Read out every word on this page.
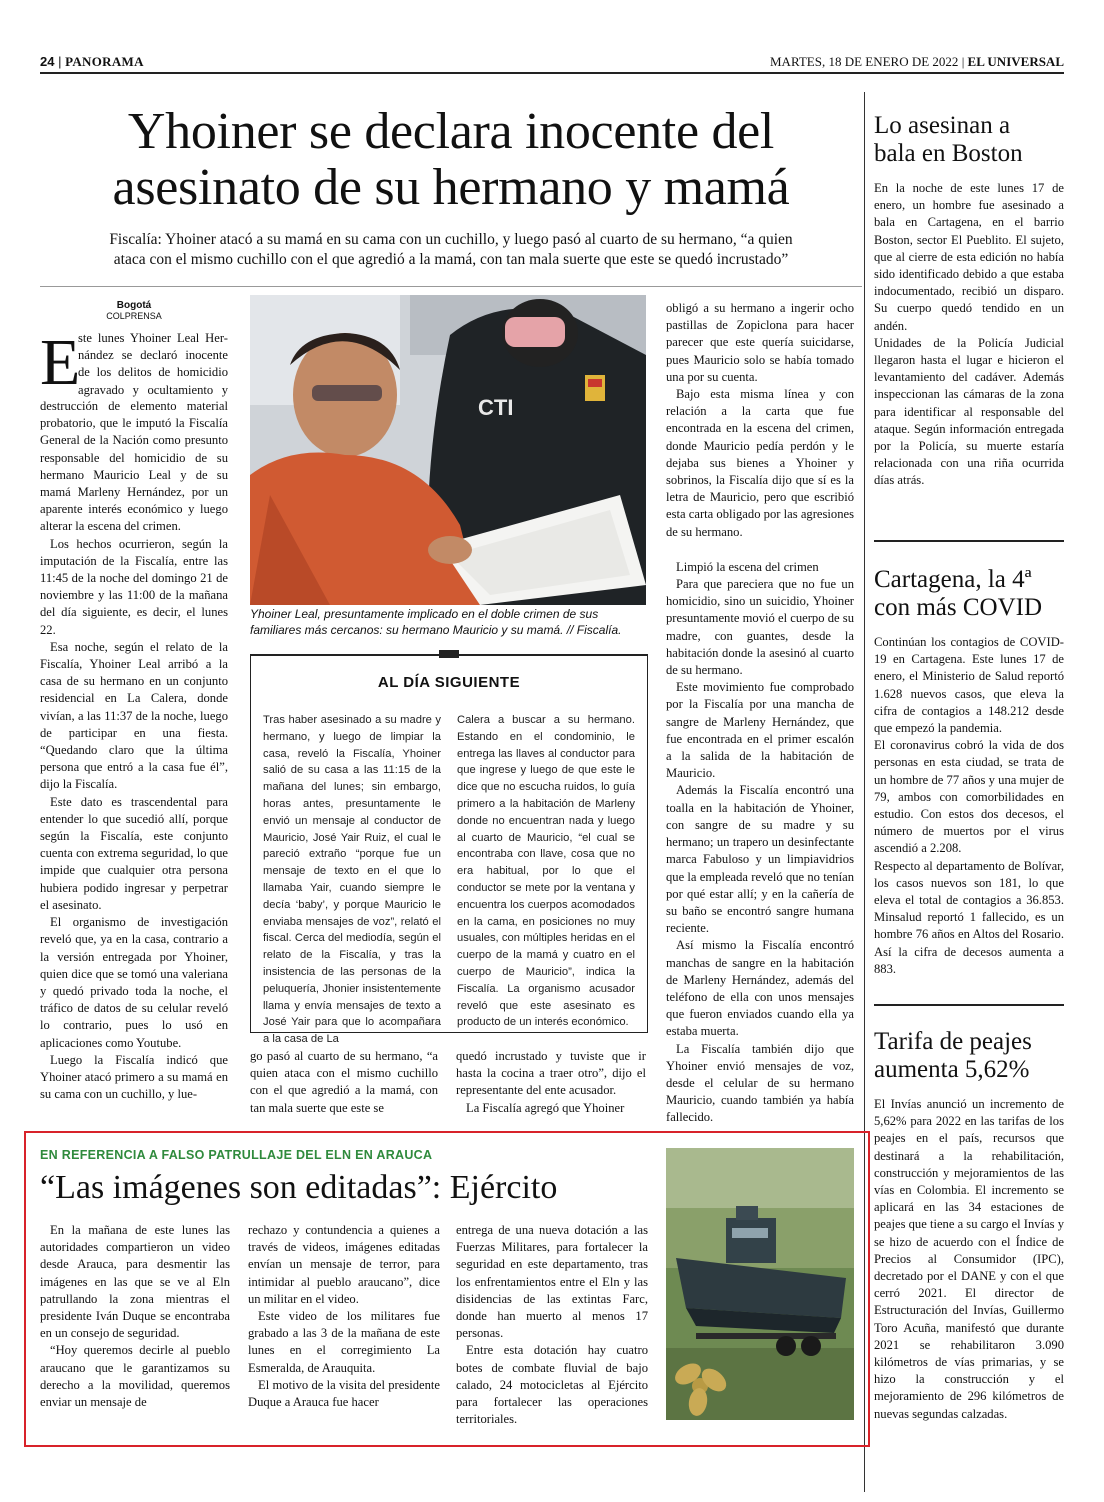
24 | PANORAMA	MARTES, 18 DE ENERO DE 2022 | EL UNIVERSAL
Yhoiner se declara inocente del
asesinato de su hermano y mamá
Fiscalía: Yhoiner atacó a su mamá en su cama con un cuchillo, y luego pasó al cuarto de su hermano, “a quien
ataca con el mismo cuchillo con el que agredió a la mamá, con tan mala suerte que este se quedó incrustado”
Bogotá
COLPRENSA
E
ste lunes Yhoiner Leal Her-
nández se declaró inocente
de los delitos de homicidio
agravado y ocultamiento y

destrucción de elemento material probatorio, que le imputó la Fiscalía General de la Nación como presunto responsable del homicidio de su hermano Mauricio Leal y de su mamá Marleny Hernández, por un aparente interés económico y luego alterar la escena del crimen.

Los hechos ocurrieron, según la imputación de la Fiscalía, entre las 11:45 de la noche del domingo 21 de noviembre y las 11:00 de la mañana del día siguiente, es decir, el lunes 22.

Esa noche, según el relato de la Fiscalía, Yhoiner Leal arribó a la casa de su hermano en un conjunto residencial en La Calera, donde vivían, a las 11:37 de la noche, luego de participar en una fiesta. “Quedando claro que la última persona que entró a la casa fue él”, dijo la Fiscalía.

Este dato es trascendental para entender lo que sucedió allí, porque según la Fiscalía, este conjunto cuenta con extrema seguridad, lo que impide que cualquier otra persona hubiera podido ingresar y perpetrar el asesinato.

El organismo de investigación reveló que, ya en la casa, contrario a la versión entregada por Yhoiner, quien dice que se tomó una valeriana y quedó privado toda la noche, el tráfico de datos de su celular reveló lo contrario, pues lo usó en aplicaciones como Youtube.

Luego la Fiscalía indicó que Yhoiner atacó primero a su mamá en su cama con un cuchillo, y lue-

CTI
Yhoiner Leal, presuntamente implicado en el doble crimen de sus familiares más cercanos: su hermano Mauricio y su mamá. // Fiscalía.
AL DÍA SIGUIENTE
Tras haber asesinado a su madre y hermano, y luego de limpiar la casa, reveló la Fiscalía, Yhoiner salió de su casa a las 11:15 de la mañana del lunes; sin embargo, horas antes, presuntamente le envió un mensaje al conductor de Mauricio, José Yair Ruiz, el cual le pareció extraño “porque fue un mensaje de texto en el que lo llamaba Yair, cuando siempre le decía ‘baby’, y porque Mauricio le enviaba mensajes de voz”, relató el fiscal. Cerca del mediodía, según el relato de la Fiscalía, y tras la insistencia de las personas de la peluquería, Jhonier insistentemente llama y envía mensajes de texto a José Yair para que lo acompañara a la casa de La
Calera a buscar a su hermano. Estando en el condominio, le entrega las llaves al conductor para que ingrese y luego de que este le dice que no escucha ruidos, lo guía primero a la habitación de Marleny donde no encuentran nada y luego al cuarto de Mauricio, “el cual se encontraba con llave, cosa que no era habitual, por lo que el conductor se mete por la ventana y encuentra los cuerpos acomodados en la cama, en posiciones no muy usuales, con múltiples heridas en el cuerpo de la mamá y cuatro en el cuerpo de Mauricio”, indica la Fiscalía. La organismo acusador reveló que este asesinato es producto de un interés económico.

go pasó al cuarto de su hermano, “a quien ataca con el mismo cuchillo con el que agredió a la mamá, con tan mala suerte que este se

quedó incrustado y tuviste que ir hasta la cocina a traer otro”, dijo el representante del ente acusador.

La Fiscalía agregó que Yhoiner

obligó a su hermano a ingerir ocho pastillas de Zopiclona para hacer parecer que este quería suicidarse, pues Mauricio solo se había tomado una por su cuenta.

Bajo esta misma línea y con relación a la carta que fue encontrada en la escena del crimen, donde Mauricio pedía perdón y le dejaba sus bienes a Yhoiner y sobrinos, la Fiscalía dijo que sí es la letra de Mauricio, pero que escribió esta carta obligado por las agresiones de su hermano.

Limpió la escena del crimen

Para que pareciera que no fue un homicidio, sino un suicidio, Yhoiner presuntamente movió el cuerpo de su madre, con guantes, desde la habitación donde la asesinó al cuarto de su hermano.

Este movimiento fue comprobado por la Fiscalía por una mancha de sangre de Marleny Hernández, que fue encontrada en el primer escalón a la salida de la habitación de Mauricio.

Además la Fiscalía encontró una toalla en la habitación de Yhoiner, con sangre de su madre y su hermano; un trapero un desinfectante marca Fabuloso y un limpiavidrios que la empleada reveló que no tenían por qué estar allí; y en la cañería de su baño se encontró sangre humana reciente.

Así mismo la Fiscalía encontró manchas de sangre en la habitación de Marleny Hernández, además del teléfono de ella con unos mensajes que fueron enviados cuando ella ya estaba muerta.

La Fiscalía también dijo que Yhoiner envió mensajes de voz, desde el celular de su hermano Mauricio, cuando también ya había fallecido.

Lo asesinan a
bala en Boston

En la noche de este lunes 17 de enero, un hombre fue asesinado a bala en Cartagena, en el barrio Boston, sector El Pueblito. El sujeto, que al cierre de esta edición no había sido identificado debido a que estaba indocumentado, recibió un disparo. Su cuerpo quedó tendido en un andén.

Unidades de la Policía Judicial llegaron hasta el lugar e hicieron el levantamiento del cadáver. Además inspeccionan las cámaras de la zona para identificar al responsable del ataque. Según información entregada por la Policía, su muerte estaría relacionada con una riña ocurrida días atrás.

Cartagena, la 4ª
con más COVID

Continúan los contagios de COVID-19 en Cartagena. Este lunes 17 de enero, el Ministerio de Salud reportó 1.628 nuevos casos, que eleva la cifra de contagios a 148.212 desde que empezó la pandemia.

El coronavirus cobró la vida de dos personas en esta ciudad, se trata de un hombre de 77 años y una mujer de 79, ambos con comorbilidades en estudio. Con estos dos decesos, el número de muertos por el virus ascendió a 2.208.

Respecto al departamento de Bolívar, los casos nuevos son 181, lo que eleva el total de contagios a 36.853. Minsalud reportó 1 fallecido, es un hombre 76 años en Altos del Rosario. Así la cifra de decesos aumenta a 883.

Tarifa de peajes
aumenta 5,62%

El Invías anunció un incremento de 5,62% para 2022 en las tarifas de los peajes en el país, recursos que destinará a la rehabilitación, construcción y mejoramientos de las vías en Colombia. El incremento se aplicará en las 34 estaciones de peajes que tiene a su cargo el Invías y se hizo de acuerdo con el Índice de Precios al Consumidor (IPC), decretado por el DANE y con el que cerró 2021. El director de Estructuración del Invías, Guillermo Toro Acuña, manifestó que durante 2021 se rehabilitaron 3.090 kilómetros de vías primarias, y se hizo la construcción y el mejoramiento de 296 kilómetros de nuevas segundas calzadas.

EN REFERENCIA A FALSO PATRULLAJE DEL ELN EN ARAUCA
“Las imágenes son editadas”: Ejército

En la mañana de este lunes las autoridades compartieron un video desde Arauca, para desmentir las imágenes en las que se ve al Eln patrullando la zona mientras el presidente Iván Duque se encontraba en un consejo de seguridad.

“Hoy queremos decirle al pueblo araucano que le garantizamos su derecho a la movilidad, queremos enviar un mensaje de

rechazo y contundencia a quienes a través de videos, imágenes editadas envían un mensaje de terror, para intimidar al pueblo araucano”, dice un militar en el video.

Este video de los militares fue grabado a las 3 de la mañana de este lunes en el corregimiento La Esmeralda, de Arauquita.

El motivo de la visita del presidente Duque a Arauca fue hacer

entrega de una nueva dotación a las Fuerzas Militares, para fortalecer la seguridad en este departamento, tras los enfrentamientos entre el Eln y las disidencias de las extintas Farc, donde han muerto al menos 17 personas.

Entre esta dotación hay cuatro botes de combate fluvial de bajo calado, 24 motocicletas al Ejército para fortalecer las operaciones territoriales.
